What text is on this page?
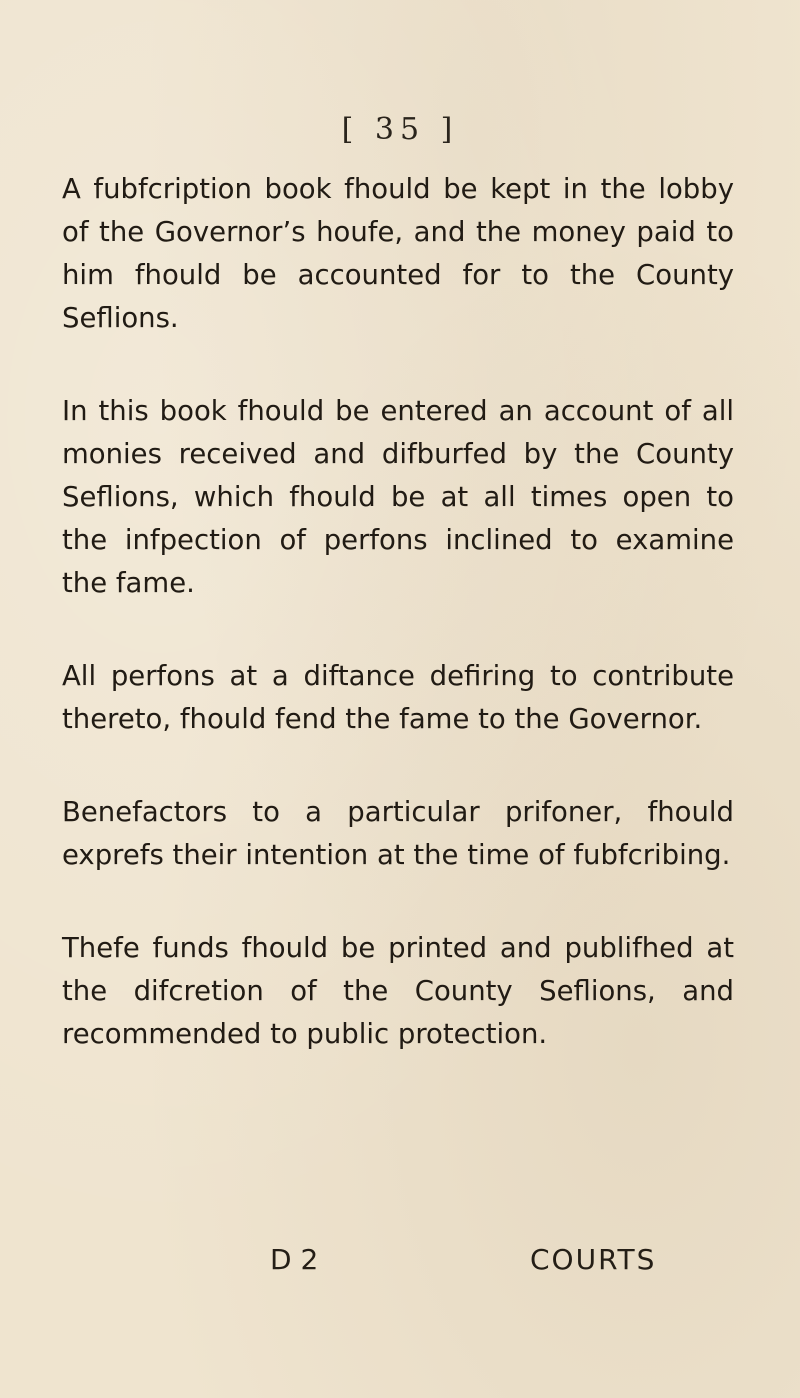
[ 35 ]

A fubfcription book fhould be kept in the lobby of the Governor’s houfe, and the money paid to him fhould be accounted for to the County Seflions.

In this book fhould be entered an account of all monies received and difburfed by the County Seflions, which fhould be at all times open to the infpection of perfons inclined to examine the fame.

All perfons at a diftance defiring to contribute thereto, fhould fend the fame to the Governor.

Benefactors to a particular prifoner, fhould exprefs their intention at the time of fubfcribing.

Thefe funds fhould be printed and publifhed at the difcretion of the County Seflions, and recommended to public protection.

D 2	COURTS
